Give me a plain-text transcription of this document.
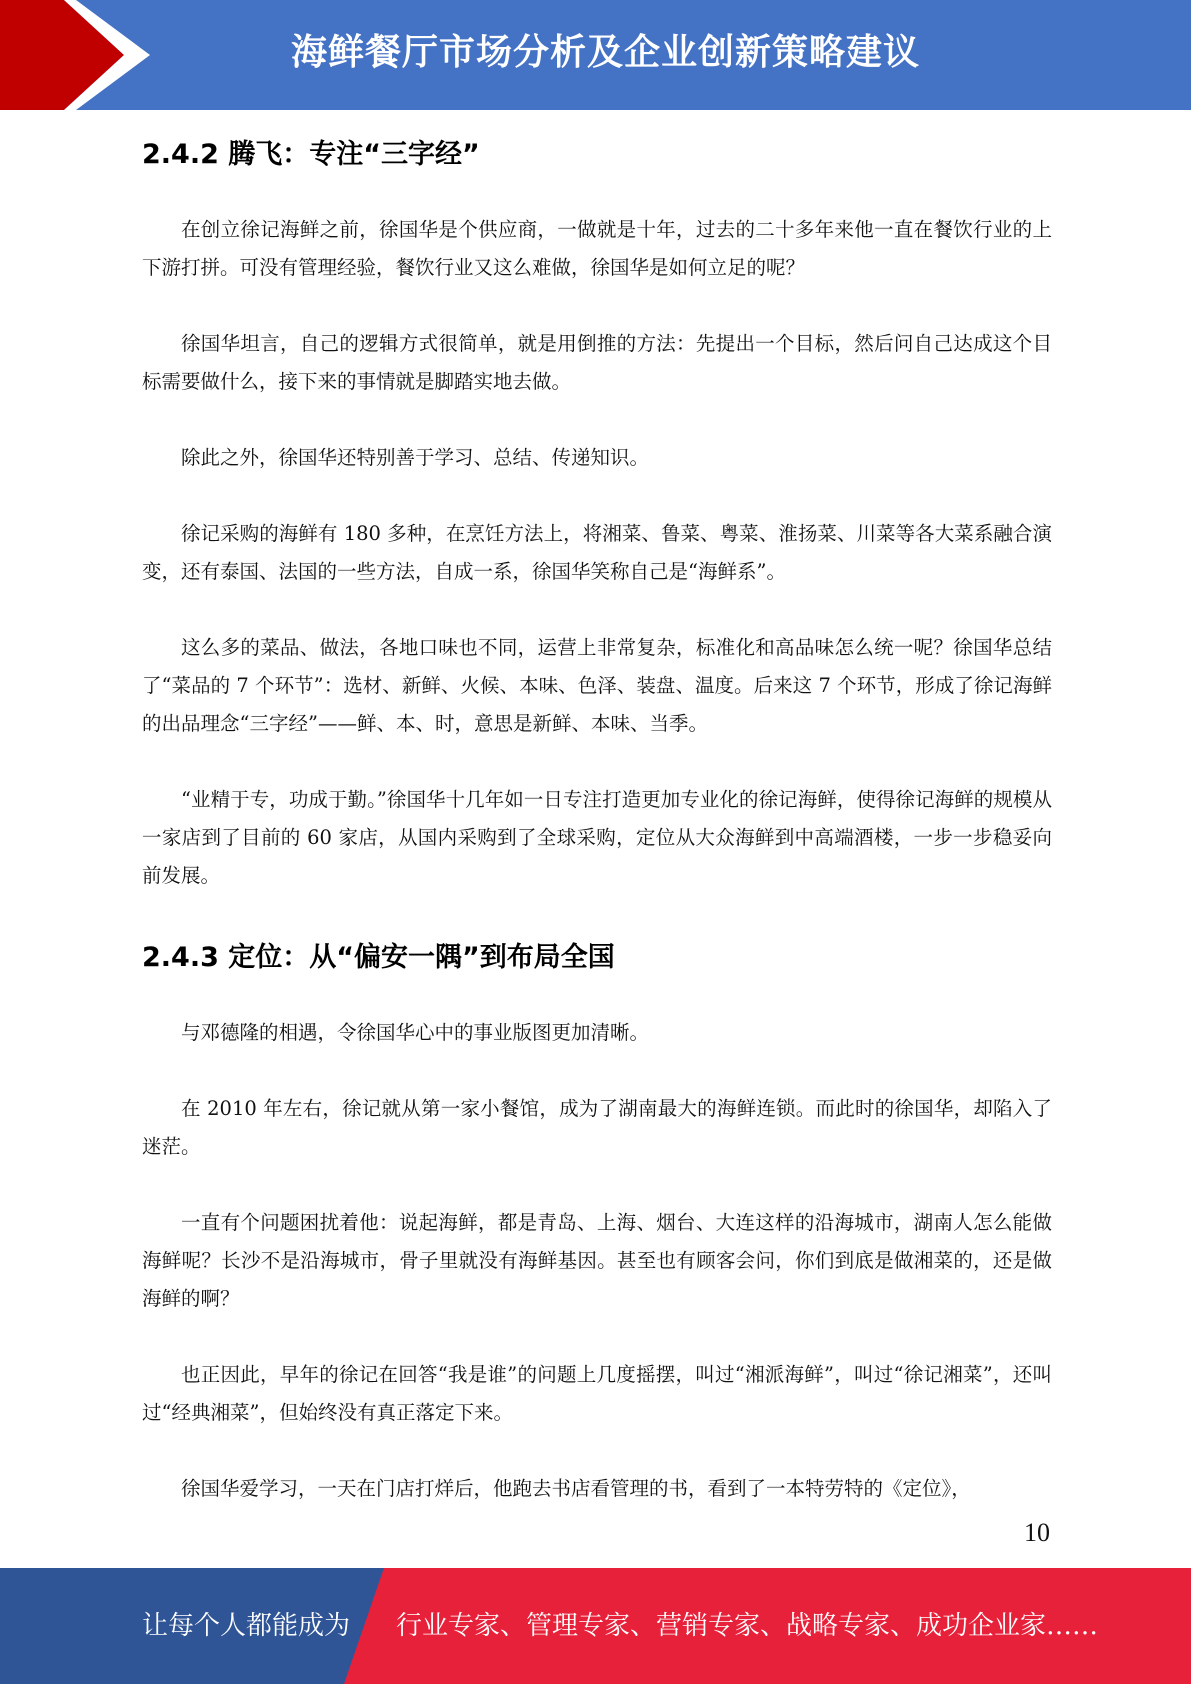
海鲜餐厅市场分析及企业创新策略建议
2.4.2 腾飞：专注“三字经”

在创立徐记海鲜之前，徐国华是个供应商，一做就是十年，过去的二十多年来他一直在餐饮行业的上下游打拼。可没有管理经验，餐饮行业又这么难做，徐国华是如何立足的呢？

徐国华坦言，自己的逻辑方式很简单，就是用倒推的方法：先提出一个目标，然后问自己达成这个目标需要做什么，接下来的事情就是脚踏实地去做。

除此之外，徐国华还特别善于学习、总结、传递知识。

徐记采购的海鲜有 180 多种，在烹饪方法上，将湘菜、鲁菜、粤菜、淮扬菜、川菜等各大菜系融合演变，还有泰国、法国的一些方法，自成一系，徐国华笑称自己是“海鲜系”。

这么多的菜品、做法，各地口味也不同，运营上非常复杂，标准化和高品味怎么统一呢？徐国华总结了“菜品的 7 个环节”：选材、新鲜、火候、本味、色泽、装盘、温度。后来这 7 个环节，形成了徐记海鲜的出品理念“三字经”——鲜、本、时，意思是新鲜、本味、当季。

“业精于专，功成于勤。”徐国华十几年如一日专注打造更加专业化的徐记海鲜，使得徐记海鲜的规模从一家店到了目前的 60 家店，从国内采购到了全球采购，定位从大众海鲜到中高端酒楼，一步一步稳妥向前发展。

2.4.3 定位：从“偏安一隅”到布局全国

与邓德隆的相遇，令徐国华心中的事业版图更加清晰。

在 2010 年左右，徐记就从第一家小餐馆，成为了湖南最大的海鲜连锁。而此时的徐国华，却陷入了迷茫。

一直有个问题困扰着他：说起海鲜，都是青岛、上海、烟台、大连这样的沿海城市，湖南人怎么能做海鲜呢？长沙不是沿海城市，骨子里就没有海鲜基因。甚至也有顾客会问，你们到底是做湘菜的，还是做海鲜的啊？

也正因此，早年的徐记在回答“我是谁”的问题上几度摇摆，叫过“湘派海鲜”，叫过“徐记湘菜”，还叫过“经典湘菜”，但始终没有真正落定下来。

徐国华爱学习，一天在门店打烊后，他跑去书店看管理的书，看到了一本特劳特的《定位》，

10
让每个人都能成为 行业专家、管理专家、营销专家、战略专家、成功企业家……
